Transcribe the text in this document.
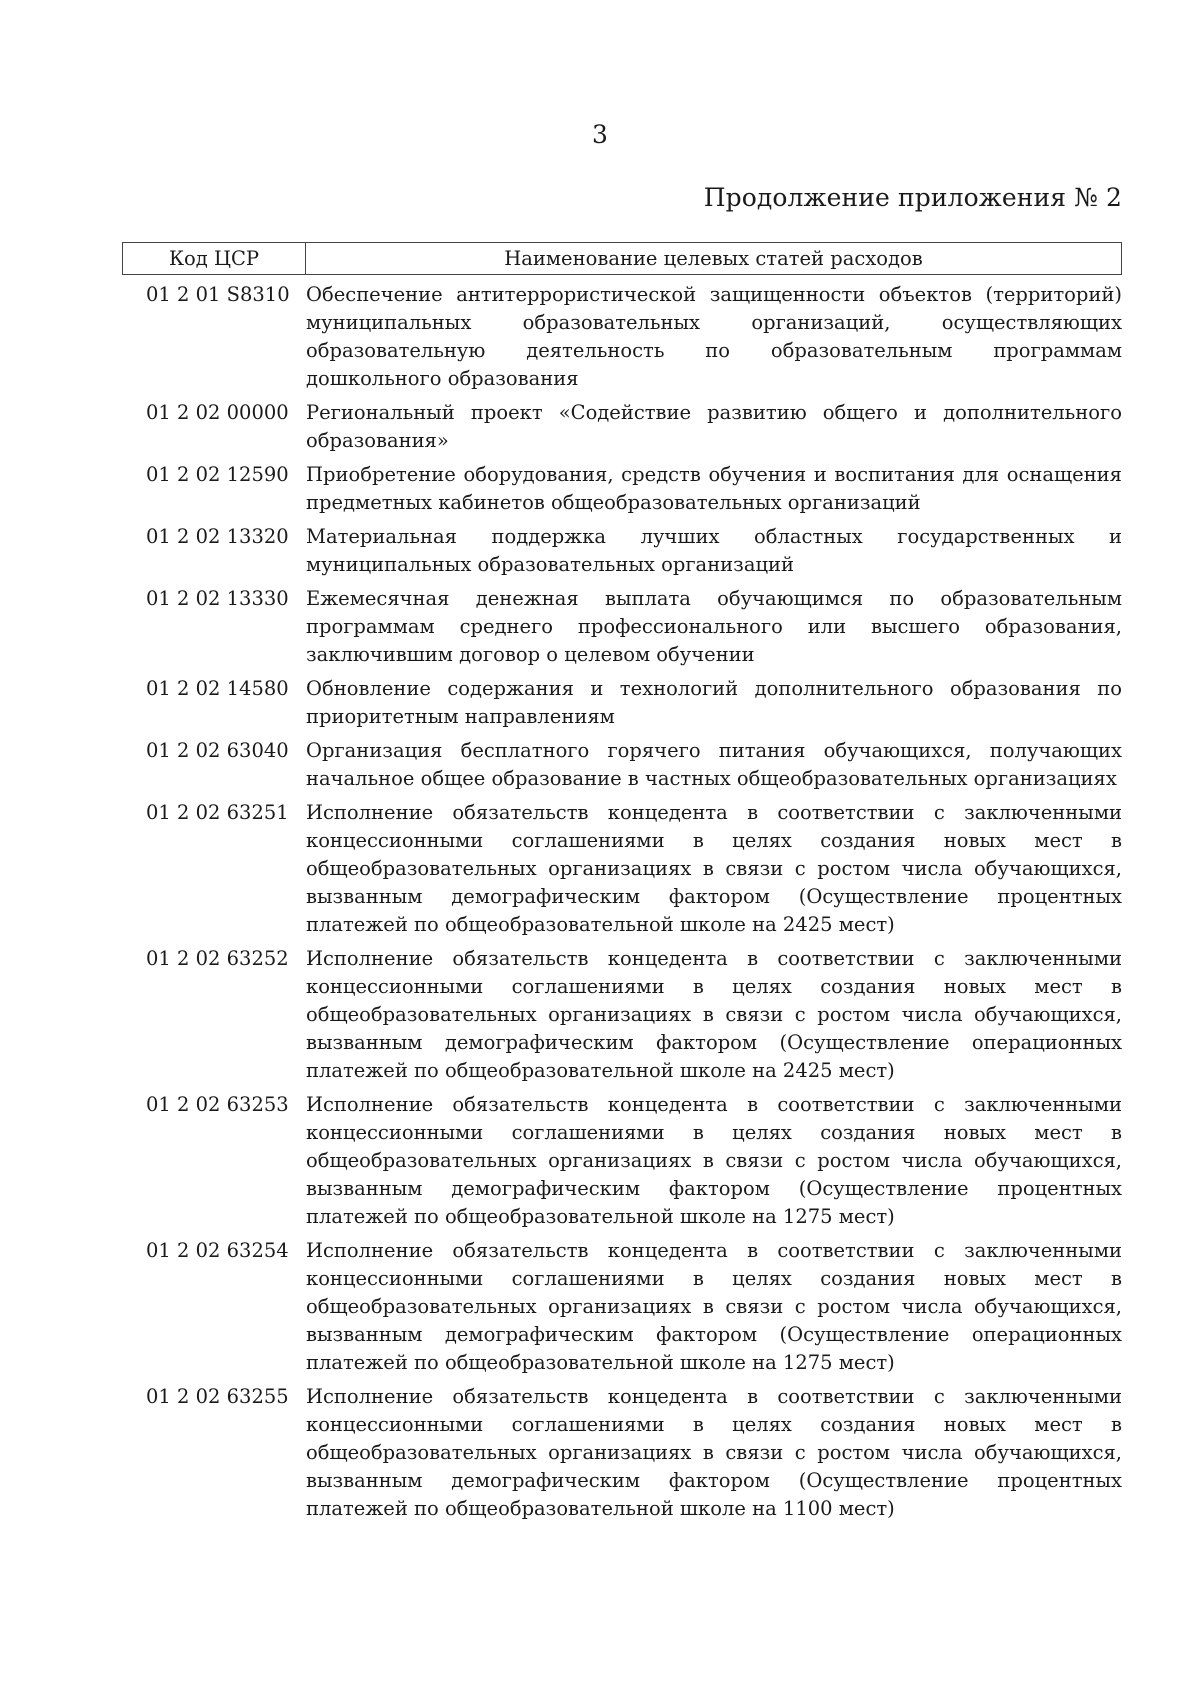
3
Продолжение приложения № 2
Код ЦСР	Наименование целевых статей расходов
01 2 01 S8310 Обеспечение антитеррористической защищенности объектов (территорий) муниципальных образовательных организаций, осуществляющих образовательную деятельность по образовательным программам дошкольного образования
01 2 02 00000 Региональный проект «Содействие развитию общего и дополнительного образования»
01 2 02 12590 Приобретение оборудования, средств обучения и воспитания для оснащения предметных кабинетов общеобразовательных организаций
01 2 02 13320 Материальная поддержка лучших областных государственных и муниципальных образовательных организаций
01 2 02 13330 Ежемесячная денежная выплата обучающимся по образовательным программам среднего профессионального или высшего образования, заключившим договор о целевом обучении
01 2 02 14580 Обновление содержания и технологий дополнительного образования по приоритетным направлениям
01 2 02 63040 Организация бесплатного горячего питания обучающихся, получающих начальное общее образование в частных общеобразовательных организациях
01 2 02 63251 Исполнение обязательств концедента в соответствии с заключенными концессионными соглашениями в целях создания новых мест в общеобразовательных организациях в связи с ростом числа обучающихся, вызванным демографическим фактором (Осуществление процентных платежей по общеобразовательной школе на 2425 мест)
01 2 02 63252 Исполнение обязательств концедента в соответствии с заключенными концессионными соглашениями в целях создания новых мест в общеобразовательных организациях в связи с ростом числа обучающихся, вызванным демографическим фактором (Осуществление операционных платежей по общеобразовательной школе на 2425 мест)
01 2 02 63253 Исполнение обязательств концедента в соответствии с заключенными концессионными соглашениями в целях создания новых мест в общеобразовательных организациях в связи с ростом числа обучающихся, вызванным демографическим фактором (Осуществление процентных платежей по общеобразовательной школе на 1275 мест)
01 2 02 63254 Исполнение обязательств концедента в соответствии с заключенными концессионными соглашениями в целях создания новых мест в общеобразовательных организациях в связи с ростом числа обучающихся, вызванным демографическим фактором (Осуществление операционных платежей по общеобразовательной школе на 1275 мест)
01 2 02 63255 Исполнение обязательств концедента в соответствии с заключенными концессионными соглашениями в целях создания новых мест в общеобразовательных организациях в связи с ростом числа обучающихся, вызванным демографическим фактором (Осуществление процентных платежей по общеобразовательной школе на 1100 мест)
